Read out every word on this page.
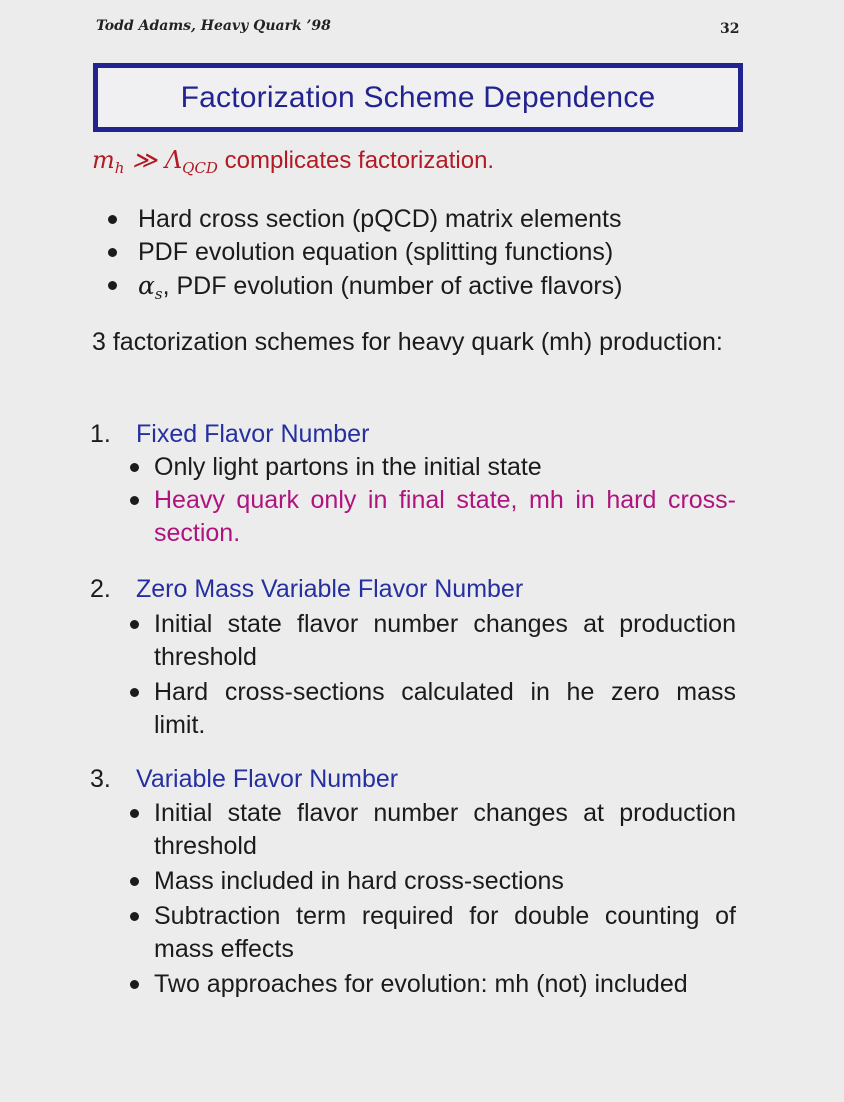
Todd Adams, Heavy Quark ’98	32
Factorization Scheme Dependence
$m_h$ ≫ $\Lambda_{QCD}$ complicates factorization.
Hard cross section (pQCD) matrix elements
PDF evolution equation (splitting functions)
$\alpha_s$, PDF evolution (number of active flavors)
3 factorization schemes for heavy quark (mh) production:
1. Fixed Flavor Number
Only light partons in the initial state
Heavy quark only in final state, mh in hard cross-section.
2. Zero Mass Variable Flavor Number
Initial state flavor number changes at production threshold
Hard cross-sections calculated in he zero mass limit.
3. Variable Flavor Number
Initial state flavor number changes at production threshold
Mass included in hard cross-sections
Subtraction term required for double counting of mass effects
Two approaches for evolution: mh (not) included
